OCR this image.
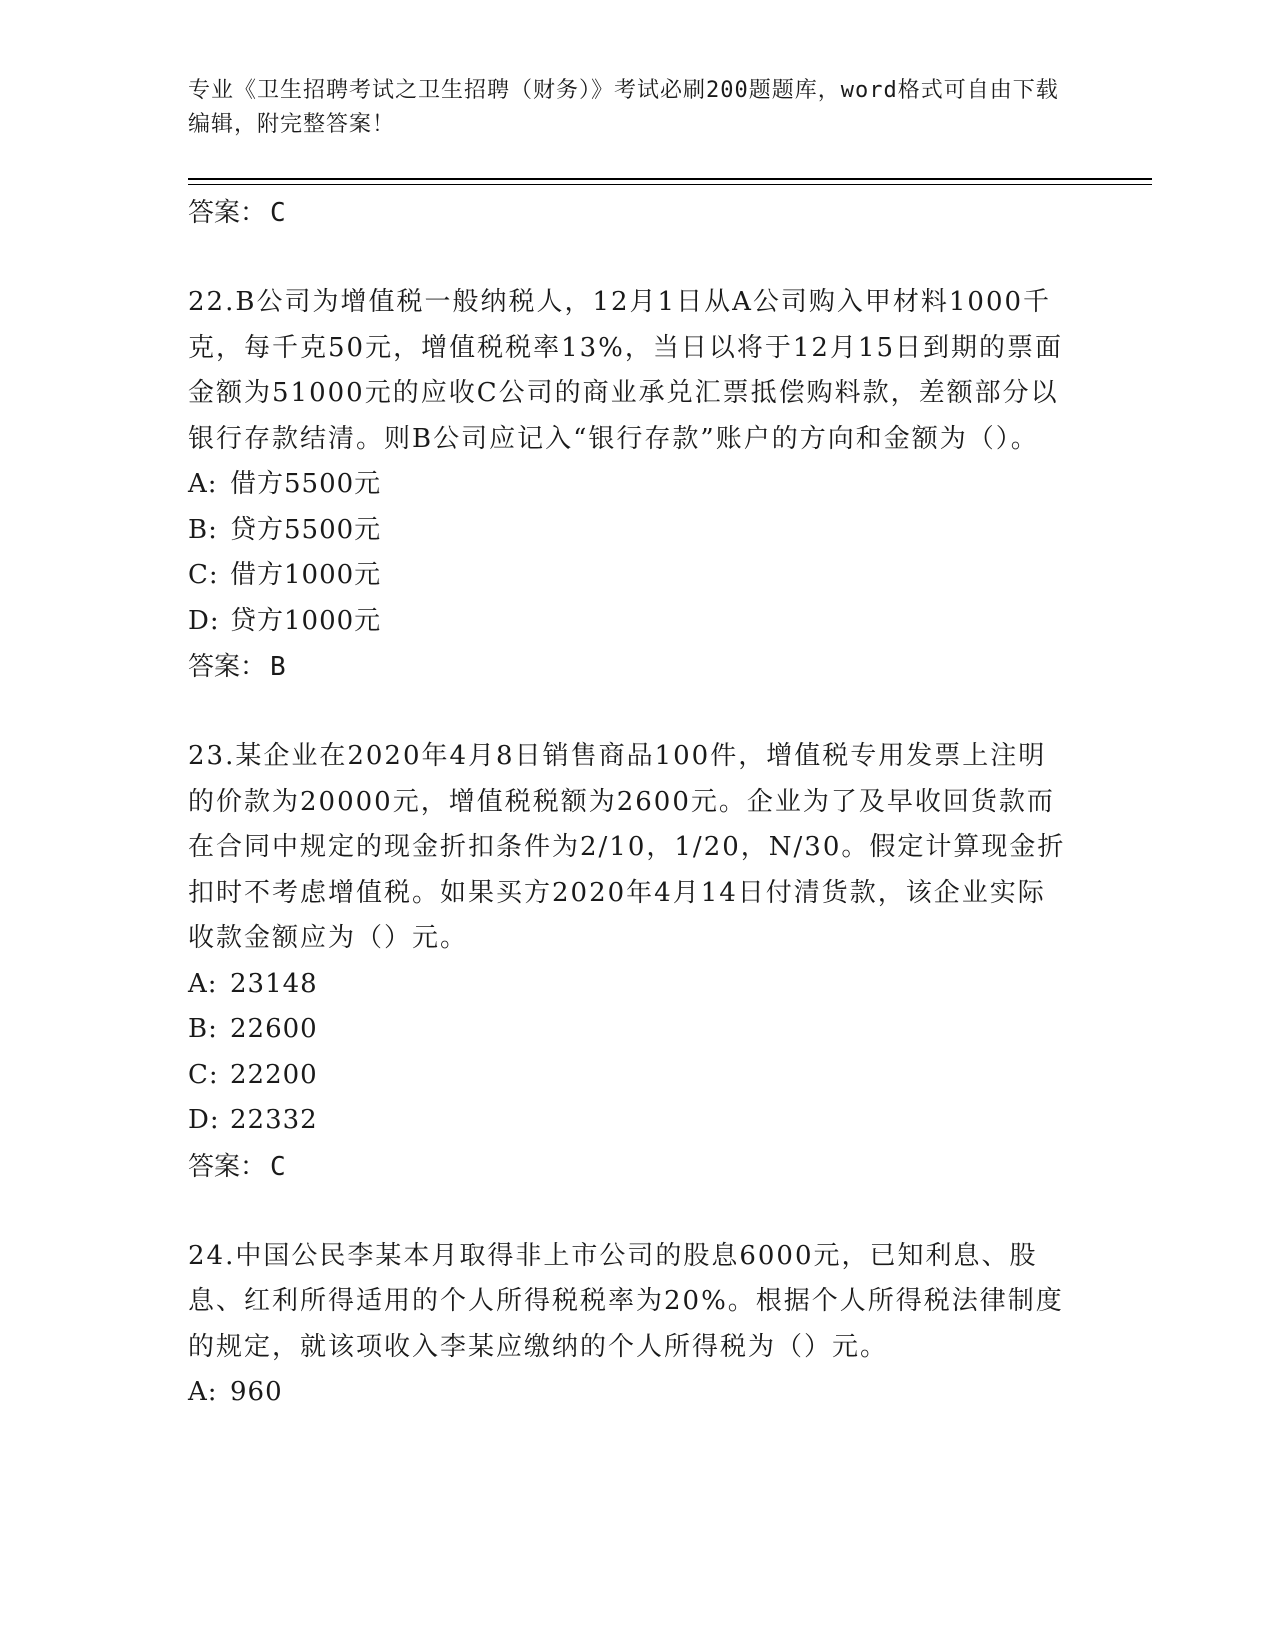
专业《卫生招聘考试之卫生招聘（财务）》考试必刷200题题库，word格式可自由下载编辑，附完整答案！
答案： C
22.B公司为增值税一般纳税人，12月1日从A公司购入甲材料1000千克，每千克50元，增值税税率13%，当日以将于12月15日到期的票面金额为51000元的应收C公司的商业承兑汇票抵偿购料款，差额部分以银行存款结清。则B公司应记入“银行存款”账户的方向和金额为（）。
A: 借方5500元
B: 贷方5500元
C: 借方1000元
D: 贷方1000元
答案： B
23.某企业在2020年4月8日销售商品100件，增值税专用发票上注明的价款为20000元，增值税税额为2600元。企业为了及早收回货款而在合同中规定的现金折扣条件为2/10，1/20，N/30。假定计算现金折扣时不考虑增值税。如果买方2020年4月14日付清货款，该企业实际收款金额应为（）元。
A: 23148
B: 22600
C: 22200
D: 22332
答案： C
24.中国公民李某本月取得非上市公司的股息6000元，已知利息、股息、红利所得适用的个人所得税税率为20%。根据个人所得税法律制度的规定，就该项收入李某应缴纳的个人所得税为（）元。
A: 960
